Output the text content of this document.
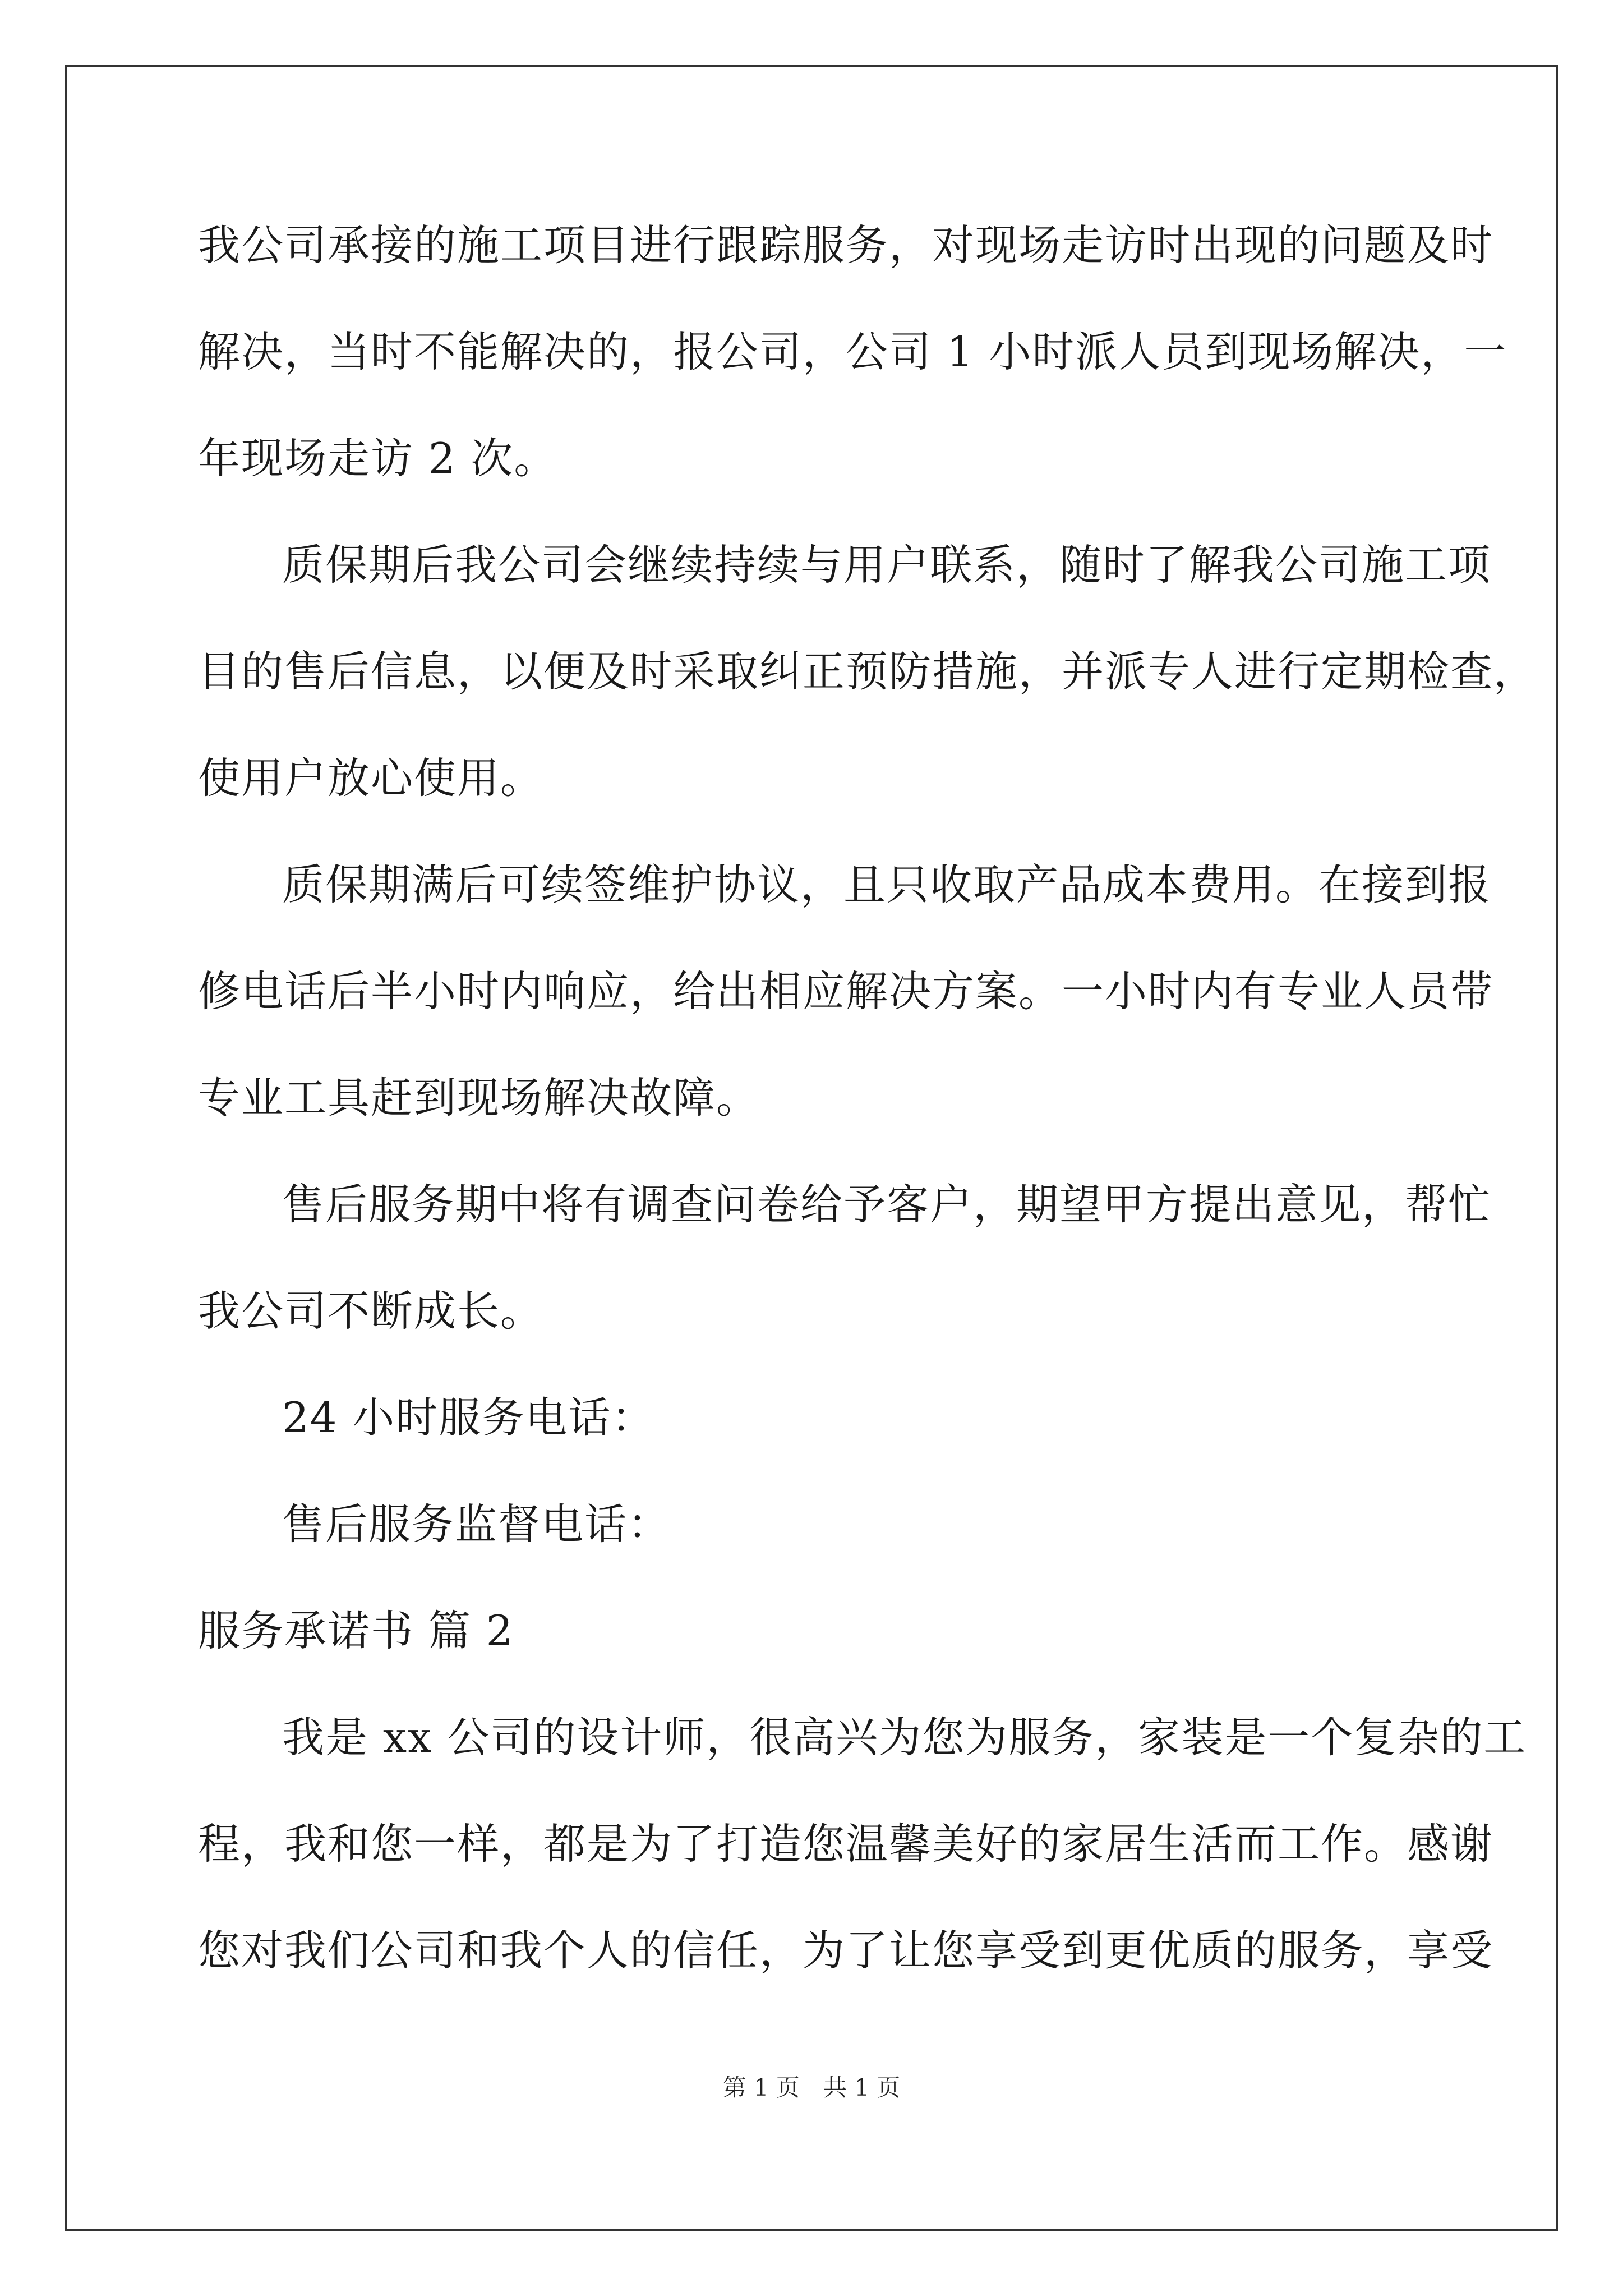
我公司承接的施工项目进行跟踪服务，对现场走访时出现的问题及时
解决，当时不能解决的，报公司，公司 1 小时派人员到现场解决，一
年现场走访 2 次。
质保期后我公司会继续持续与用户联系，随时了解我公司施工项
目的售后信息，以便及时采取纠正预防措施，并派专人进行定期检查，
使用户放心使用。
质保期满后可续签维护协议，且只收取产品成本费用。在接到报
修电话后半小时内响应，给出相应解决方案。一小时内有专业人员带
专业工具赶到现场解决故障。
售后服务期中将有调查问卷给予客户，期望甲方提出意见，帮忙
我公司不断成长。
24 小时服务电话：
售后服务监督电话：
服务承诺书 篇 2
我是 xx 公司的设计师，很高兴为您为服务，家装是一个复杂的工
程，我和您一样，都是为了打造您温馨美好的家居生活而工作。感谢
您对我们公司和我个人的信任，为了让您享受到更优质的服务，享受
第 1 页　共 1 页
